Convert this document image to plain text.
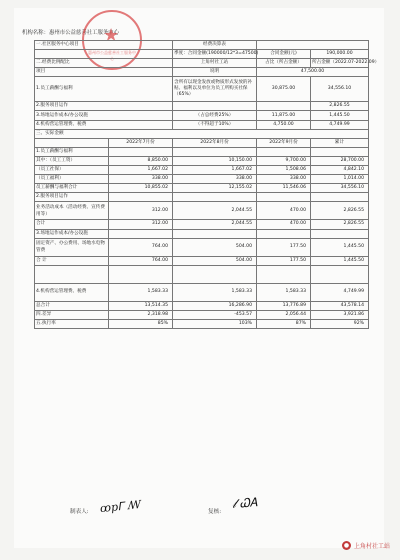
机构名称：惠州市公益慈善社工服务中心
★
惠州市公益慈善社工服务中心
一.社区服务中心项目		经费决算表		
		季度：合同金额(190000/12*3=47500)	合同金额(元)	190,000.00
二.经费比例配比		上角村社工站	占比（所占金额）	所占金额（2022.07-2022.09）
项目		说明	47,500.00	
1.员工薪酬与福利		含所有以现金发放或物质形式发放的补贴、福利以及单位为员工所购买社保（65%）	30,875.00	34,556.10
2.服务项目运作				2,826.55
3.场地运作成本/办公设施		（占总经费25%）	11,875.00	1,445.50
4.机构营运管理费、税费		（不得超于10%）	4,750.00	4,749.99
三、实际金额				
	2022年7月份	2022年8月份	2022年9月份	累计
1.员工薪酬与福利				
其中：（员工工资）	8,850.00	10,150.00	9,700.00	28,700.00
（员工社保）	1,667.02	1,667.02	1,508.06	4,842.10
（员工福利）	338.00	338.00	338.00	1,014.00
员工薪酬与福利合计	10,855.02	12,155.02	11,546.06	34,556.10
2.服务项目运作				
业务活动成本（活动经费、宣传费用等）	312.00	2,044.55	470.00	2,826.55
合计	312.00	2,044.55	470.00	2,826.55
3.场地运作成本/办公设施				
固定资产、办公费用、场地水电物管费	764.00	504.00	177.50	1,445.50
合 计	764.00	504.00	177.50	1,445.50

4.机构营运管理费、税费	1,583.33	1,583.33	1,583.33	4,749.99
总合计	13,514.35	16,286.90	13,776.89	43,578.14
四.差异	2,318.98	-453.57	2,056.44	3,921.86
五.执行率	85%	103%	87%	92%
制表人: ꝏpᎱ ꟿ	复核:
𝓁 ᏇᎪ
● 上角村社工站
